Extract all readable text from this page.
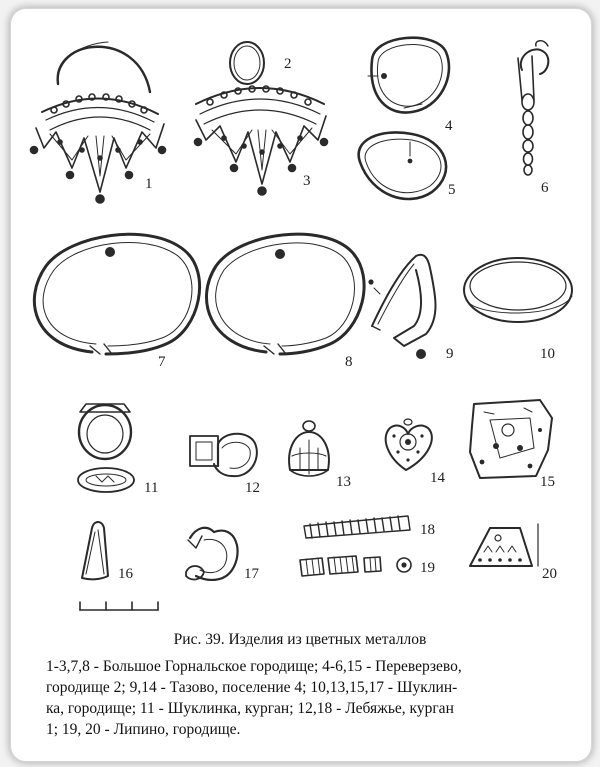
1
2
3
4
5	6
7	8	9	10
11	12	13	14	15
16	17
18
19	20
Рис. 39. Изделия из цветных металлов
1-3,7,8 - Большое Горнальское городище; 4-6,15 - Переверзево,
городище 2; 9,14 - Тазово, поселение 4; 10,13,15,17 - Шуклин-
ка, городище; 11 - Шуклинка, курган; 12,18 - Лебяжье, курган
1; 19, 20 - Липино, городище.
